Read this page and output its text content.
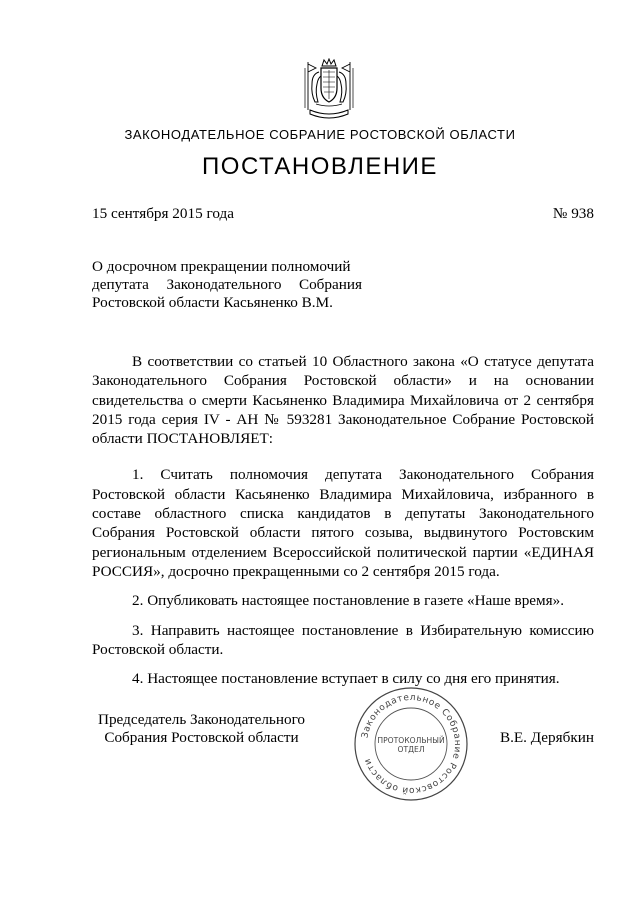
ЗАКОНОДАТЕЛЬНОЕ СОБРАНИЕ РОСТОВСКОЙ ОБЛАСТИ
ПОСТАНОВЛЕНИЕ
15 сентября 2015 года	№ 938
О досрочном прекращении полномочий
депутата Законодательного Собрания
Ростовской области Касьяненко В.М.

В соответствии со статьей 10 Областного закона «О статусе депутата Законодательного Собрания Ростовской области» и на основании свидетельства о смерти Касьяненко Владимира Михайловича от 2 сентября 2015 года серия IV - АН № 593281 Законодательное Собрание Ростовской области ПОСТАНОВЛЯЕТ:

1. Считать полномочия депутата Законодательного Собрания Ростовской области Касьяненко Владимира Михайловича, избранного в составе областного списка кандидатов в депутаты Законодательного Собрания Ростовской области пятого созыва, выдвинутого Ростовским региональным отделением Всероссийской политической партии «ЕДИНАЯ РОССИЯ», досрочно прекращенными со 2 сентября 2015 года.

2. Опубликовать настоящее постановление в газете «Наше время».

3. Направить настоящее постановление в Избирательную комиссию Ростовской области.

4. Настоящее постановление вступает в силу со дня его принятия.

Председатель Законодательного
Собрания Ростовской области	В.Е. Дерябкин
Законодательное Собрание Ростовской области
ПРОТОКОЛЬНЫЙ
ОТДЕЛ
